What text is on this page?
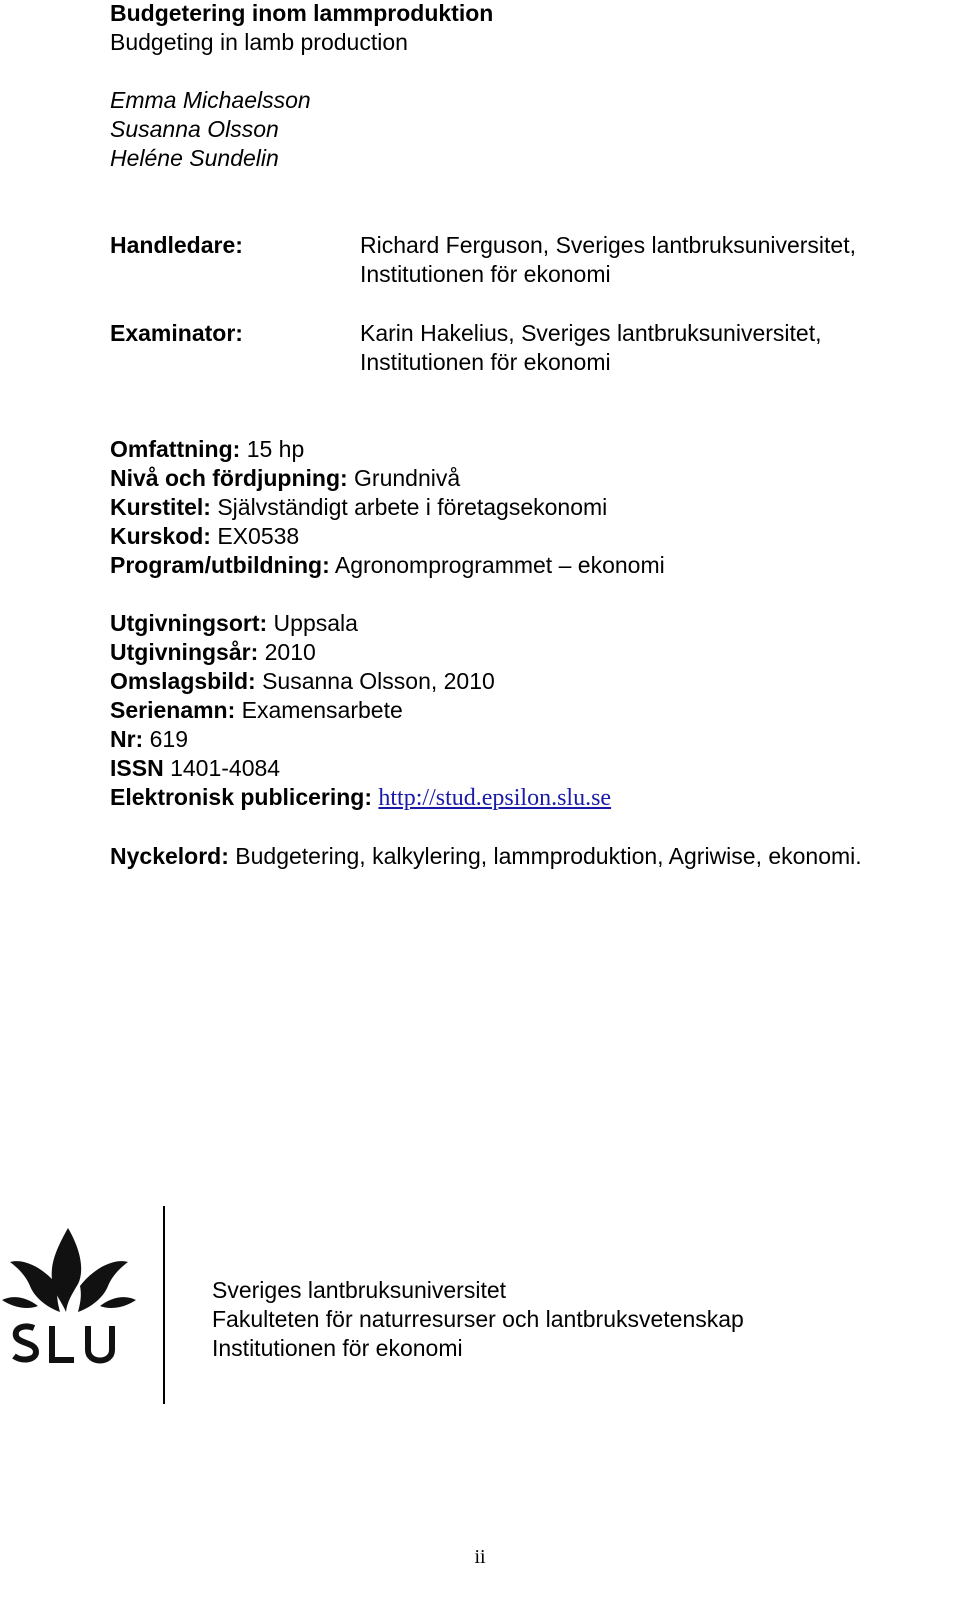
Budgetering inom lammproduktion
Budgeting in lamb production
Emma Michaelsson
Susanna Olsson
Heléne Sundelin
Handledare:	Richard Ferguson, Sveriges lantbruksuniversitet,
Institutionen för ekonomi
Examinator:	Karin Hakelius, Sveriges lantbruksuniversitet,
Institutionen för ekonomi
Omfattning: 15 hp
Nivå och fördjupning: Grundnivå
Kurstitel: Självständigt arbete i företagsekonomi
Kurskod: EX0538
Program/utbildning: Agronomprogrammet – ekonomi
Utgivningsort: Uppsala
Utgivningsår: 2010
Omslagsbild: Susanna Olsson, 2010
Serienamn: Examensarbete
Nr: 619
ISSN 1401-4084
Elektronisk publicering: http://stud.epsilon.slu.se
Nyckelord: Budgetering, kalkylering, lammproduktion, Agriwise, ekonomi.
Sveriges lantbruksuniversitet
Fakulteten för naturresurser och lantbruksvetenskap
Institutionen för ekonomi
ii
